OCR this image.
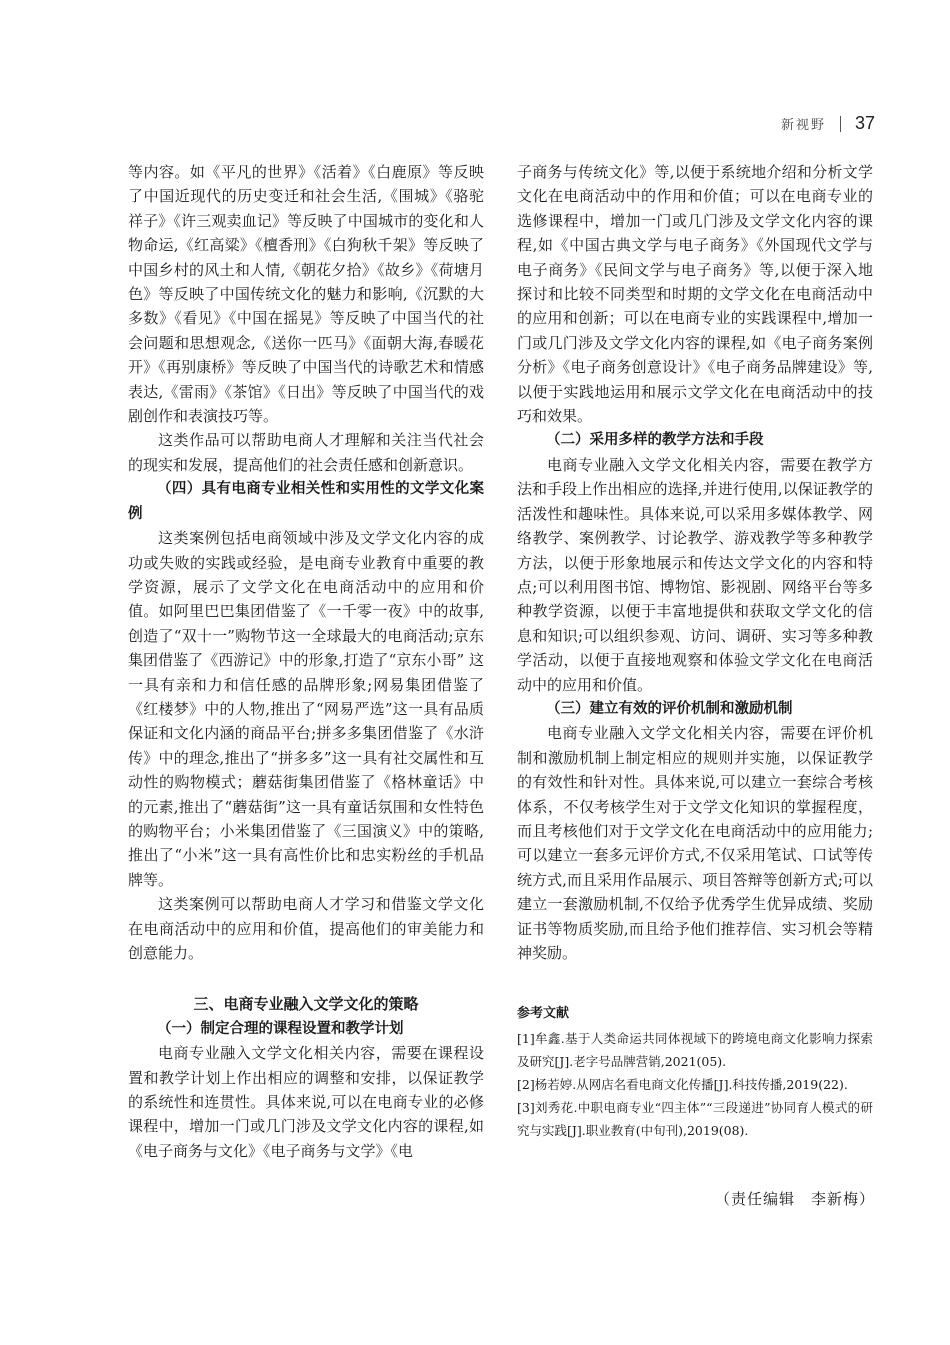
新视野 37

等内容。如《平凡的世界》《活着》《白鹿原》等反映了中国近现代的历史变迁和社会生活,《围城》《骆驼祥子》《许三观卖血记》等反映了中国城市的变化和人物命运,《红高粱》《檀香刑》《白狗秋千架》等反映了中国乡村的风土和人情,《朝花夕拾》《故乡》《荷塘月色》等反映了中国传统文化的魅力和影响,《沉默的大多数》《看见》《中国在摇晃》等反映了中国当代的社会问题和思想观念,《送你一匹马》《面朝大海,春暖花开》《再别康桥》等反映了中国当代的诗歌艺术和情感表达,《雷雨》《茶馆》《日出》等反映了中国当代的戏剧创作和表演技巧等。

这类作品可以帮助电商人才理解和关注当代社会的现实和发展，提高他们的社会责任感和创新意识。

（四）具有电商专业相关性和实用性的文学文化案例

这类案例包括电商领域中涉及文学文化内容的成功或失败的实践或经验，是电商专业教育中重要的教学资源，展示了文学文化在电商活动中的应用和价值。如阿里巴巴集团借鉴了《一千零一夜》中的故事,创造了“双十一”购物节这一全球最大的电商活动;京东集团借鉴了《西游记》中的形象,打造了“京东小哥” 这一具有亲和力和信任感的品牌形象;网易集团借鉴了《红楼梦》中的人物,推出了“网易严选”这一具有品质保证和文化内涵的商品平台;拼多多集团借鉴了《水浒传》中的理念,推出了“拼多多”这一具有社交属性和互动性的购物模式；蘑菇街集团借鉴了《格林童话》中的元素,推出了“蘑菇街”这一具有童话氛围和女性特色的购物平台；小米集团借鉴了《三国演义》中的策略,推出了“小米”这一具有高性价比和忠实粉丝的手机品牌等。

这类案例可以帮助电商人才学习和借鉴文学文化在电商活动中的应用和价值，提高他们的审美能力和创意能力。

三、电商专业融入文学文化的策略

（一）制定合理的课程设置和教学计划

电商专业融入文学文化相关内容，需要在课程设置和教学计划上作出相应的调整和安排，以保证教学的系统性和连贯性。具体来说,可以在电商专业的必修课程中，增加一门或几门涉及文学文化内容的课程,如《电子商务与文化》《电子商务与文学》《电

子商务与传统文化》等,以便于系统地介绍和分析文学文化在电商活动中的作用和价值；可以在电商专业的选修课程中，增加一门或几门涉及文学文化内容的课程,如《中国古典文学与电子商务》《外国现代文学与电子商务》《民间文学与电子商务》等,以便于深入地探讨和比较不同类型和时期的文学文化在电商活动中的应用和创新；可以在电商专业的实践课程中,增加一门或几门涉及文学文化内容的课程,如《电子商务案例分析》《电子商务创意设计》《电子商务品牌建设》等,以便于实践地运用和展示文学文化在电商活动中的技巧和效果。

（二）采用多样的教学方法和手段

电商专业融入文学文化相关内容，需要在教学方法和手段上作出相应的选择,并进行使用,以保证教学的活泼性和趣味性。具体来说,可以采用多媒体教学、网络教学、案例教学、讨论教学、游戏教学等多种教学方法，以便于形象地展示和传达文学文化的内容和特点;可以利用图书馆、博物馆、影视剧、网络平台等多种教学资源，以便于丰富地提供和获取文学文化的信息和知识;可以组织参观、访问、调研、实习等多种教学活动，以便于直接地观察和体验文学文化在电商活动中的应用和价值。

（三）建立有效的评价机制和激励机制

电商专业融入文学文化相关内容，需要在评价机制和激励机制上制定相应的规则并实施，以保证教学的有效性和针对性。具体来说,可以建立一套综合考核体系，不仅考核学生对于文学文化知识的掌握程度，而且考核他们对于文学文化在电商活动中的应用能力;可以建立一套多元评价方式,不仅采用笔试、口试等传统方式,而且采用作品展示、项目答辩等创新方式;可以建立一套激励机制,不仅给予优秀学生优异成绩、奖励证书等物质奖励,而且给予他们推荐信、实习机会等精神奖励。

参考文献

[1]牟鑫.基于人类命运共同体视域下的跨境电商文化影响力探索及研究[J].老字号品牌营销,2021(05).

[2]杨若婷.从网店名看电商文化传播[J].科技传播,2019(22).

[3]刘秀花.中职电商专业“四主体”“三段递进”协同育人模式的研究与实践[J].职业教育(中旬刊),2019(08).

（责任编辑　李新梅）
